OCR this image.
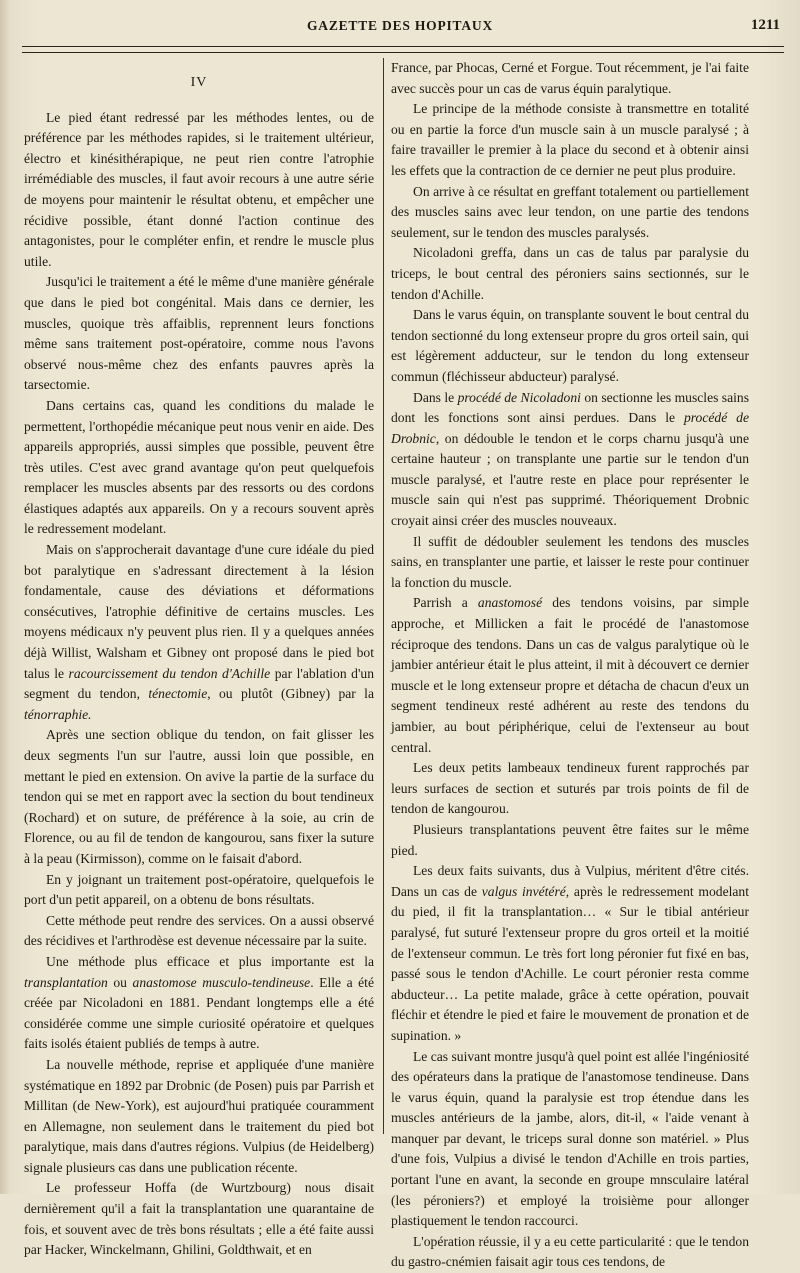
GAZETTE DES HOPITAUX	1211
IV

Le pied étant redressé par les méthodes lentes, ou de préférence par les méthodes rapides, si le traitement ultérieur, électro et kinésithérapique, ne peut rien contre l'atrophie irrémédiable des muscles, il faut avoir recours à une autre série de moyens pour maintenir le résultat obtenu, et empêcher une récidive possible, étant donné l'action continue des antagonistes, pour le compléter enfin, et rendre le muscle plus utile.

Jusqu'ici le traitement a été le même d'une manière générale que dans le pied bot congénital. Mais dans ce dernier, les muscles, quoique très affaiblis, reprennent leurs fonctions même sans traitement post-opératoire, comme nous l'avons observé nous-même chez des enfants pauvres après la tarsectomie.

Dans certains cas, quand les conditions du malade le permettent, l'orthopédie mécanique peut nous venir en aide. Des appareils appropriés, aussi simples que possible, peuvent être très utiles. C'est avec grand avantage qu'on peut quelquefois remplacer les muscles absents par des ressorts ou des cordons élastiques adaptés aux appareils. On y a recours souvent après le redressement modelant.

Mais on s'approcherait davantage d'une cure idéale du pied bot paralytique en s'adressant directement à la lésion fondamentale, cause des déviations et déformations consécutives, l'atrophie définitive de certains muscles. Les moyens médicaux n'y peuvent plus rien. Il y a quelques années déjà Willist, Walsham et Gibney ont proposé dans le pied bot talus le racourcissement du tendon d'Achille par l'ablation d'un segment du tendon, ténectomie, ou plutôt (Gibney) par la ténorraphie.

Après une section oblique du tendon, on fait glisser les deux segments l'un sur l'autre, aussi loin que possible, en mettant le pied en extension. On avive la partie de la surface du tendon qui se met en rapport avec la section du bout tendineux (Rochard) et on suture, de préférence à la soie, au crin de Florence, ou au fil de tendon de kangourou, sans fixer la suture à la peau (Kirmisson), comme on le faisait d'abord.

En y joignant un traitement post-opératoire, quelquefois le port d'un petit appareil, on a obtenu de bons résultats.

Cette méthode peut rendre des services. On a aussi observé des récidives et l'arthrodèse est devenue nécessaire par la suite.

Une méthode plus efficace et plus importante est la transplantation ou anastomose musculo-tendineuse. Elle a été créée par Nicoladoni en 1881. Pendant longtemps elle a été considérée comme une simple curiosité opératoire et quelques faits isolés étaient publiés de temps à autre.

La nouvelle méthode, reprise et appliquée d'une manière systématique en 1892 par Drobnic (de Posen) puis par Parrish et Millitan (de New-York), est aujourd'hui pratiquée couramment en Allemagne, non seulement dans le traitement du pied bot paralytique, mais dans d'autres régions. Vulpius (de Heidelberg) signale plusieurs cas dans une publication récente.

Le professeur Hoffa (de Wurtzbourg) nous disait dernièrement qu'il a fait la transplantation une quarantaine de fois, et souvent avec de très bons résultats ; elle a été faite aussi par Hacker, Winckelmann, Ghilini, Goldthwait, et en

France, par Phocas, Cerné et Forgue. Tout récemment, je l'ai faite avec succès pour un cas de varus équin paralytique.

Le principe de la méthode consiste à transmettre en totalité ou en partie la force d'un muscle sain à un muscle paralysé ; à faire travailler le premier à la place du second et à obtenir ainsi les effets que la contraction de ce dernier ne peut plus produire.

On arrive à ce résultat en greffant totalement ou partiellement des muscles sains avec leur tendon, on une partie des tendons seulement, sur le tendon des muscles paralysés.

Nicoladoni greffa, dans un cas de talus par paralysie du triceps, le bout central des péroniers sains sectionnés, sur le tendon d'Achille.

Dans le varus équin, on transplante souvent le bout central du tendon sectionné du long extenseur propre du gros orteil sain, qui est légèrement adducteur, sur le tendon du long extenseur commun (fléchisseur abducteur) paralysé.

Dans le procédé de Nicoladoni on sectionne les muscles sains dont les fonctions sont ainsi perdues. Dans le procédé de Drobnic, on dédouble le tendon et le corps charnu jusqu'à une certaine hauteur ; on transplante une partie sur le tendon d'un muscle paralysé, et l'autre reste en place pour représenter le muscle sain qui n'est pas supprimé. Théoriquement Drobnic croyait ainsi créer des muscles nouveaux.

Il suffit de dédoubler seulement les tendons des muscles sains, en transplanter une partie, et laisser le reste pour continuer la fonction du muscle.

Parrish a anastomosé des tendons voisins, par simple approche, et Millicken a fait le procédé de l'anastomose réciproque des tendons. Dans un cas de valgus paralytique où le jambier antérieur était le plus atteint, il mit à découvert ce dernier muscle et le long extenseur propre et détacha de chacun d'eux un segment tendineux resté adhérent au reste des tendons du jambier, au bout périphérique, celui de l'extenseur au bout central.

Les deux petits lambeaux tendineux furent rapprochés par leurs surfaces de section et suturés par trois points de fil de tendon de kangourou.

Plusieurs transplantations peuvent être faites sur le même pied.

Les deux faits suivants, dus à Vulpius, méritent d'être cités. Dans un cas de valgus invétéré, après le redressement modelant du pied, il fit la transplantation… « Sur le tibial antérieur paralysé, fut suturé l'extenseur propre du gros orteil et la moitié de l'extenseur commun. Le très fort long péronier fut fixé en bas, passé sous le tendon d'Achille. Le court péronier resta comme abducteur… La petite malade, grâce à cette opération, pouvait fléchir et étendre le pied et faire le mouvement de pronation et de supination. »

Le cas suivant montre jusqu'à quel point est allée l'ingéniosité des opérateurs dans la pratique de l'anastomose tendineuse. Dans le varus équin, quand la paralysie est trop étendue dans les muscles antérieurs de la jambe, alors, dit-il, « l'aide venant à manquer par devant, le triceps sural donne son matériel. » Plus d'une fois, Vulpius a divisé le tendon d'Achille en trois parties, portant l'une en avant, la seconde en groupe mnsculaire latéral (les péroniers?) et employé la troisième pour allonger plastiquement le tendon raccourci.

L'opération réussie, il y a eu cette particularité : que le tendon du gastro-cnémien faisait agir tous ces tendons, de
